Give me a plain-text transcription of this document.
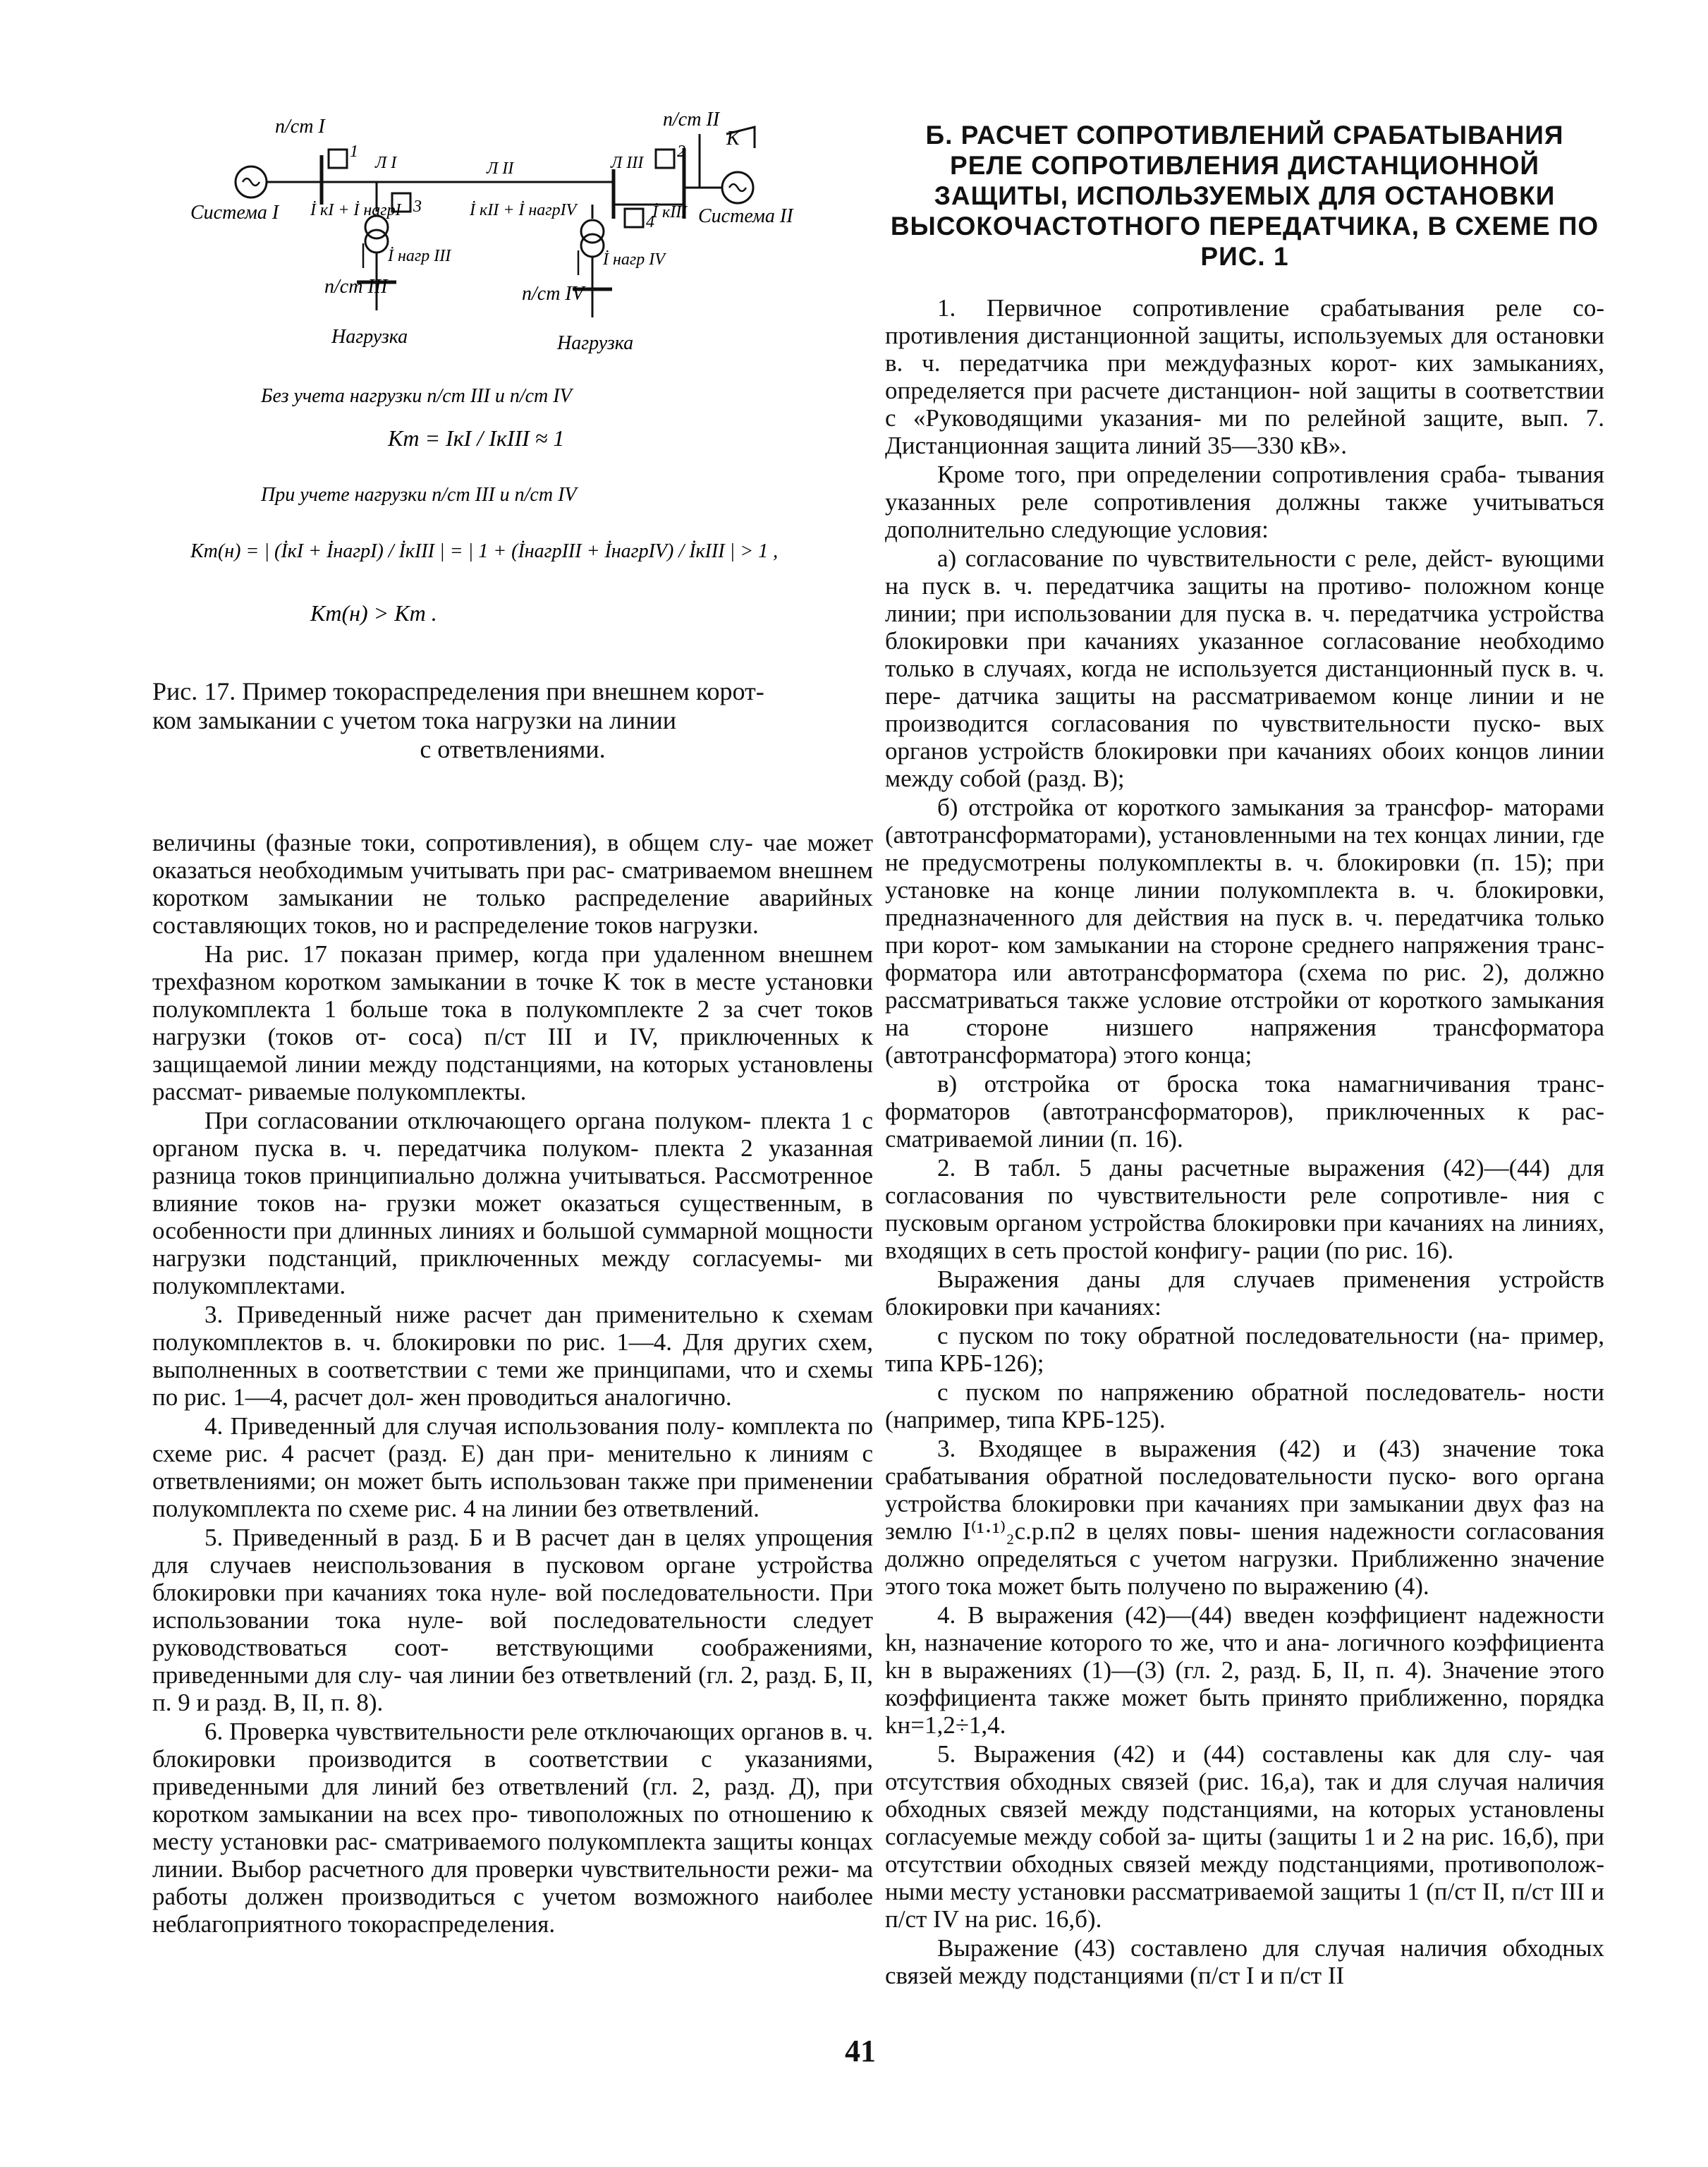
п/ст I	п/ст II
п/ст III	п/ст IV
Система I	Система II
Нагрузка	Нагрузка
K
1	2
3
4
Л I	Л II	Л III
İ кI + İ нагрI	İ кII + İ нагрIV	İ кIII
İ нагр III	İ нагр IV
Без учета нагрузки п/ст III и п/ст IV
Kт = IкI / IкIII ≈ 1
При учете нагрузки п/ст III и п/ст IV
Kт(н) = | (İкI + İнагрI) / İкIII | = | 1 + (İнагрIII + İнагрIV) / İкIII | > 1 ,
Kт(н) > Kт .
Рис. 17. Пример токораспределения при внешнем корот-
ком замыкании с учетом тока нагрузки на линии
с ответвлениями.

величины (фазные токи, сопротивления), в общем слу- чае может оказаться необходимым учитывать при рас- сматриваемом внешнем коротком замыкании не только распределение аварийных составляющих токов, но и распределение токов нагрузки.

На рис. 17 показан пример, когда при удаленном внешнем трехфазном коротком замыкании в точке K ток в месте установки полукомплекта 1 больше тока в полукомплекте 2 за счет токов нагрузки (токов от- соса) п/ст III и IV, приключенных к защищаемой линии между подстанциями, на которых установлены рассмат- риваемые полукомплекты.

При согласовании отключающего органа полуком- плекта 1 с органом пуска в. ч. передатчика полуком- плекта 2 указанная разница токов принципиально должна учитываться. Рассмотренное влияние токов на- грузки может оказаться существенным, в особенности при длинных линиях и большой суммарной мощности нагрузки подстанций, приключенных между согласуемы- ми полукомплектами.

3. Приведенный ниже расчет дан применительно к схемам полукомплектов в. ч. блокировки по рис. 1—4. Для других схем, выполненных в соответствии с теми же принципами, что и схемы по рис. 1—4, расчет дол- жен проводиться аналогично.

4. Приведенный для случая использования полу- комплекта по схеме рис. 4 расчет (разд. Е) дан при- менительно к линиям с ответвлениями; он может быть использован также при применении полукомплекта по схеме рис. 4 на линии без ответвлений.

5. Приведенный в разд. Б и В расчет дан в целях упрощения для случаев неиспользования в пусковом органе устройства блокировки при качаниях тока нуле- вой последовательности. При использовании тока нуле- вой последовательности следует руководствоваться соот- ветствующими соображениями, приведенными для слу- чая линии без ответвлений (гл. 2, разд. Б, II, п. 9 и разд. В, II, п. 8).

6. Проверка чувствительности реле отключающих органов в. ч. блокировки производится в соответствии с указаниями, приведенными для линий без ответвлений (гл. 2, разд. Д), при коротком замыкании на всех про- тивоположных по отношению к месту установки рас- сматриваемого полукомплекта защиты концах линии. Выбор расчетного для проверки чувствительности режи- ма работы должен производиться с учетом возможного наиболее неблагоприятного токораспределения.

Б. РАСЧЕТ СОПРОТИВЛЕНИЙ СРАБАТЫВАНИЯ РЕЛЕ СОПРОТИВЛЕНИЯ ДИСТАНЦИОННОЙ ЗАЩИТЫ, ИСПОЛЬЗУЕМЫХ ДЛЯ ОСТАНОВКИ ВЫСОКОЧАСТОТНОГО ПЕРЕДАТЧИКА, В СХЕМЕ ПО РИС. 1

1. Первичное сопротивление срабатывания реле со- противления дистанционной защиты, используемых для остановки в. ч. передатчика при междуфазных корот- ких замыканиях, определяется при расчете дистанцион- ной защиты в соответствии с «Руководящими указания- ми по релейной защите, вып. 7. Дистанционная защита линий 35—330 кВ».

Кроме того, при определении сопротивления сраба- тывания указанных реле сопротивления должны также учитываться дополнительно следующие условия:

а) согласование по чувствительности с реле, дейст- вующими на пуск в. ч. передатчика защиты на противо- положном конце линии; при использовании для пуска в. ч. передатчика устройства блокировки при качаниях указанное согласование необходимо только в случаях, когда не используется дистанционный пуск в. ч. пере- датчика защиты на рассматриваемом конце линии и не производится согласования по чувствительности пуско- вых органов устройств блокировки при качаниях обоих концов линии между собой (разд. В);

б) отстройка от короткого замыкания за трансфор- маторами (автотрансформаторами), установленными на тех концах линии, где не предусмотрены полукомплекты в. ч. блокировки (п. 15); при установке на конце линии полукомплекта в. ч. блокировки, предназначенного для действия на пуск в. ч. передатчика только при корот- ком замыкании на стороне среднего напряжения транс- форматора или автотрансформатора (схема по рис. 2), должно рассматриваться также условие отстройки от короткого замыкания на стороне низшего напряжения трансформатора (автотрансформатора) этого конца;

в) отстройка от броска тока намагничивания транс- форматоров (автотрансформаторов), приключенных к рас- сматриваемой линии (п. 16).

2. В табл. 5 даны расчетные выражения (42)—(44) для согласования по чувствительности реле сопротивле- ния с пусковым органом устройства блокировки при качаниях на линиях, входящих в сеть простой конфигу- рации (по рис. 16).

Выражения даны для случаев применения устройств блокировки при качаниях:

с пуском по току обратной последовательности (на- пример, типа КРБ-126);

с пуском по напряжению обратной последователь- ности (например, типа КРБ-125).

3. Входящее в выражения (42) и (43) значение тока срабатывания обратной последовательности пуско- вого органа устройства блокировки при качаниях при замыкании двух фаз на землю I⁽¹·¹⁾₂с.р.п2 в целях повы- шения надежности согласования должно определяться с учетом нагрузки. Приближенно значение этого тока может быть получено по выражению (4).

4. В выражения (42)—(44) введен коэффициент надежности kн, назначение которого то же, что и ана- логичного коэффициента kн в выражениях (1)—(3) (гл. 2, разд. Б, II, п. 4). Значение этого коэффициента также может быть принято приближенно, порядка kн=1,2÷1,4.

5. Выражения (42) и (44) составлены как для слу- чая отсутствия обходных связей (рис. 16,а), так и для случая наличия обходных связей между подстанциями, на которых установлены согласуемые между собой за- щиты (защиты 1 и 2 на рис. 16,б), при отсутствии обходных связей между подстанциями, противополож- ными месту установки рассматриваемой защиты 1 (п/ст II, п/ст III и п/ст IV на рис. 16,б).

Выражение (43) составлено для случая наличия обходных связей между подстанциями (п/ст I и п/ст II

41
